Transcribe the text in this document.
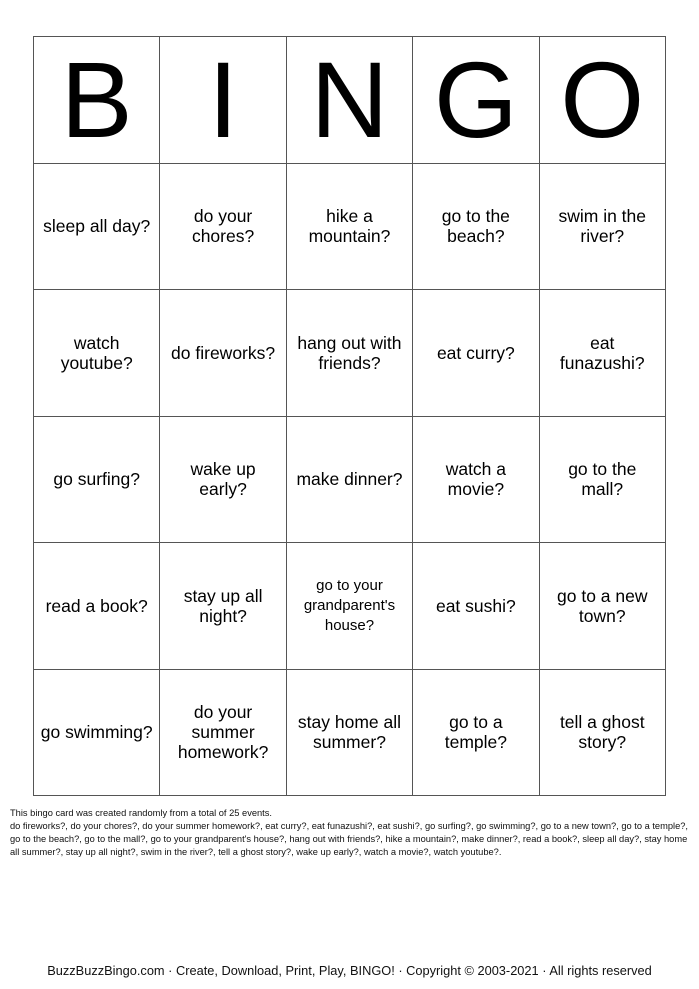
B	I	N	G	O
sleep all day?	do your chores?	hike a mountain?	go to the beach?	swim in the river?
watch youtube?	do fireworks?	hang out with friends?	eat curry?	eat funazushi?
go surfing?	wake up early?	make dinner?	watch a movie?	go to the mall?
read a book?	stay up all night?	go to your grandparent's house?	eat sushi?	go to a new town?
go swimming?	do your summer homework?	stay home all summer?	go to a temple?	tell a ghost story?
This bingo card was created randomly from a total of 25 events.
do fireworks?, do your chores?, do your summer homework?, eat curry?, eat funazushi?, eat sushi?, go surfing?, go swimming?, go to a new town?, go to a temple?, go to the beach?, go to the mall?, go to your grandparent's house?, hang out with friends?, hike a mountain?, make dinner?, read a book?, sleep all day?, stay home all summer?, stay up all night?, swim in the river?, tell a ghost story?, wake up early?, watch a movie?, watch youtube?.
BuzzBuzzBingo.com · Create, Download, Print, Play, BINGO! · Copyright © 2003-2021 · All rights reserved
